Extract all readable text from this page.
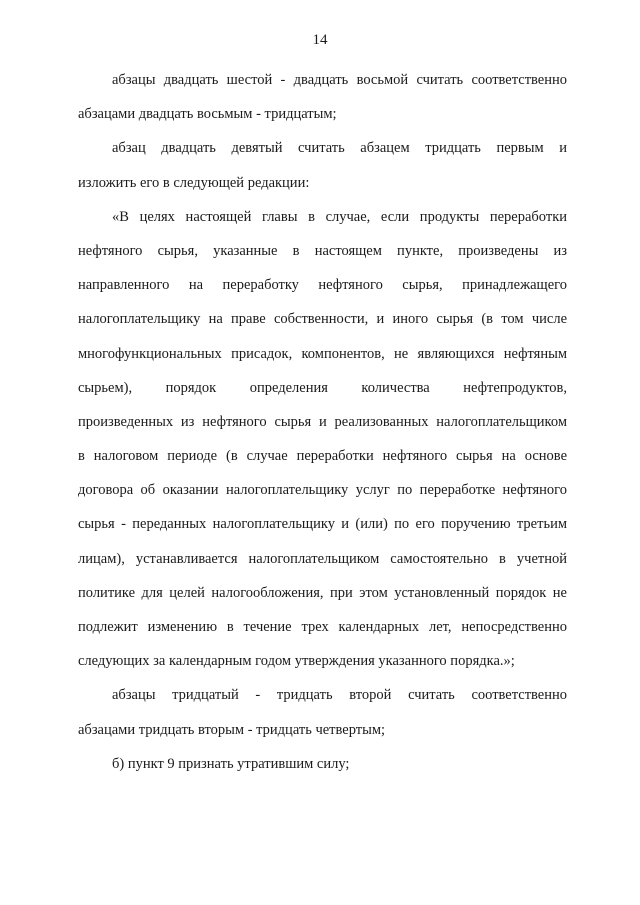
14
абзацы двадцать шестой - двадцать восьмой считать соответственно
абзацами двадцать восьмым - тридцатым;
абзац двадцать девятый считать абзацем тридцать первым и
изложить его в следующей редакции:
«В целях настоящей главы в случае, если продукты переработки
нефтяного сырья, указанные в настоящем пункте, произведены из
направленного на переработку нефтяного сырья, принадлежащего
налогоплательщику на праве собственности, и иного сырья (в том числе
многофункциональных присадок, компонентов, не являющихся нефтяным
сырьем), порядок определения количества нефтепродуктов,
произведенных из нефтяного сырья и реализованных налогоплательщиком
в налоговом периоде (в случае переработки нефтяного сырья на основе
договора об оказании налогоплательщику услуг по переработке нефтяного
сырья - переданных налогоплательщику и (или) по его поручению третьим
лицам), устанавливается налогоплательщиком самостоятельно в учетной
политике для целей налогообложения, при этом установленный порядок не
подлежит изменению в течение трех календарных лет, непосредственно
следующих за календарным годом утверждения указанного порядка.»;
абзацы тридцатый - тридцать второй считать соответственно
абзацами тридцать вторым - тридцать четвертым;
б) пункт 9 признать утратившим силу;
